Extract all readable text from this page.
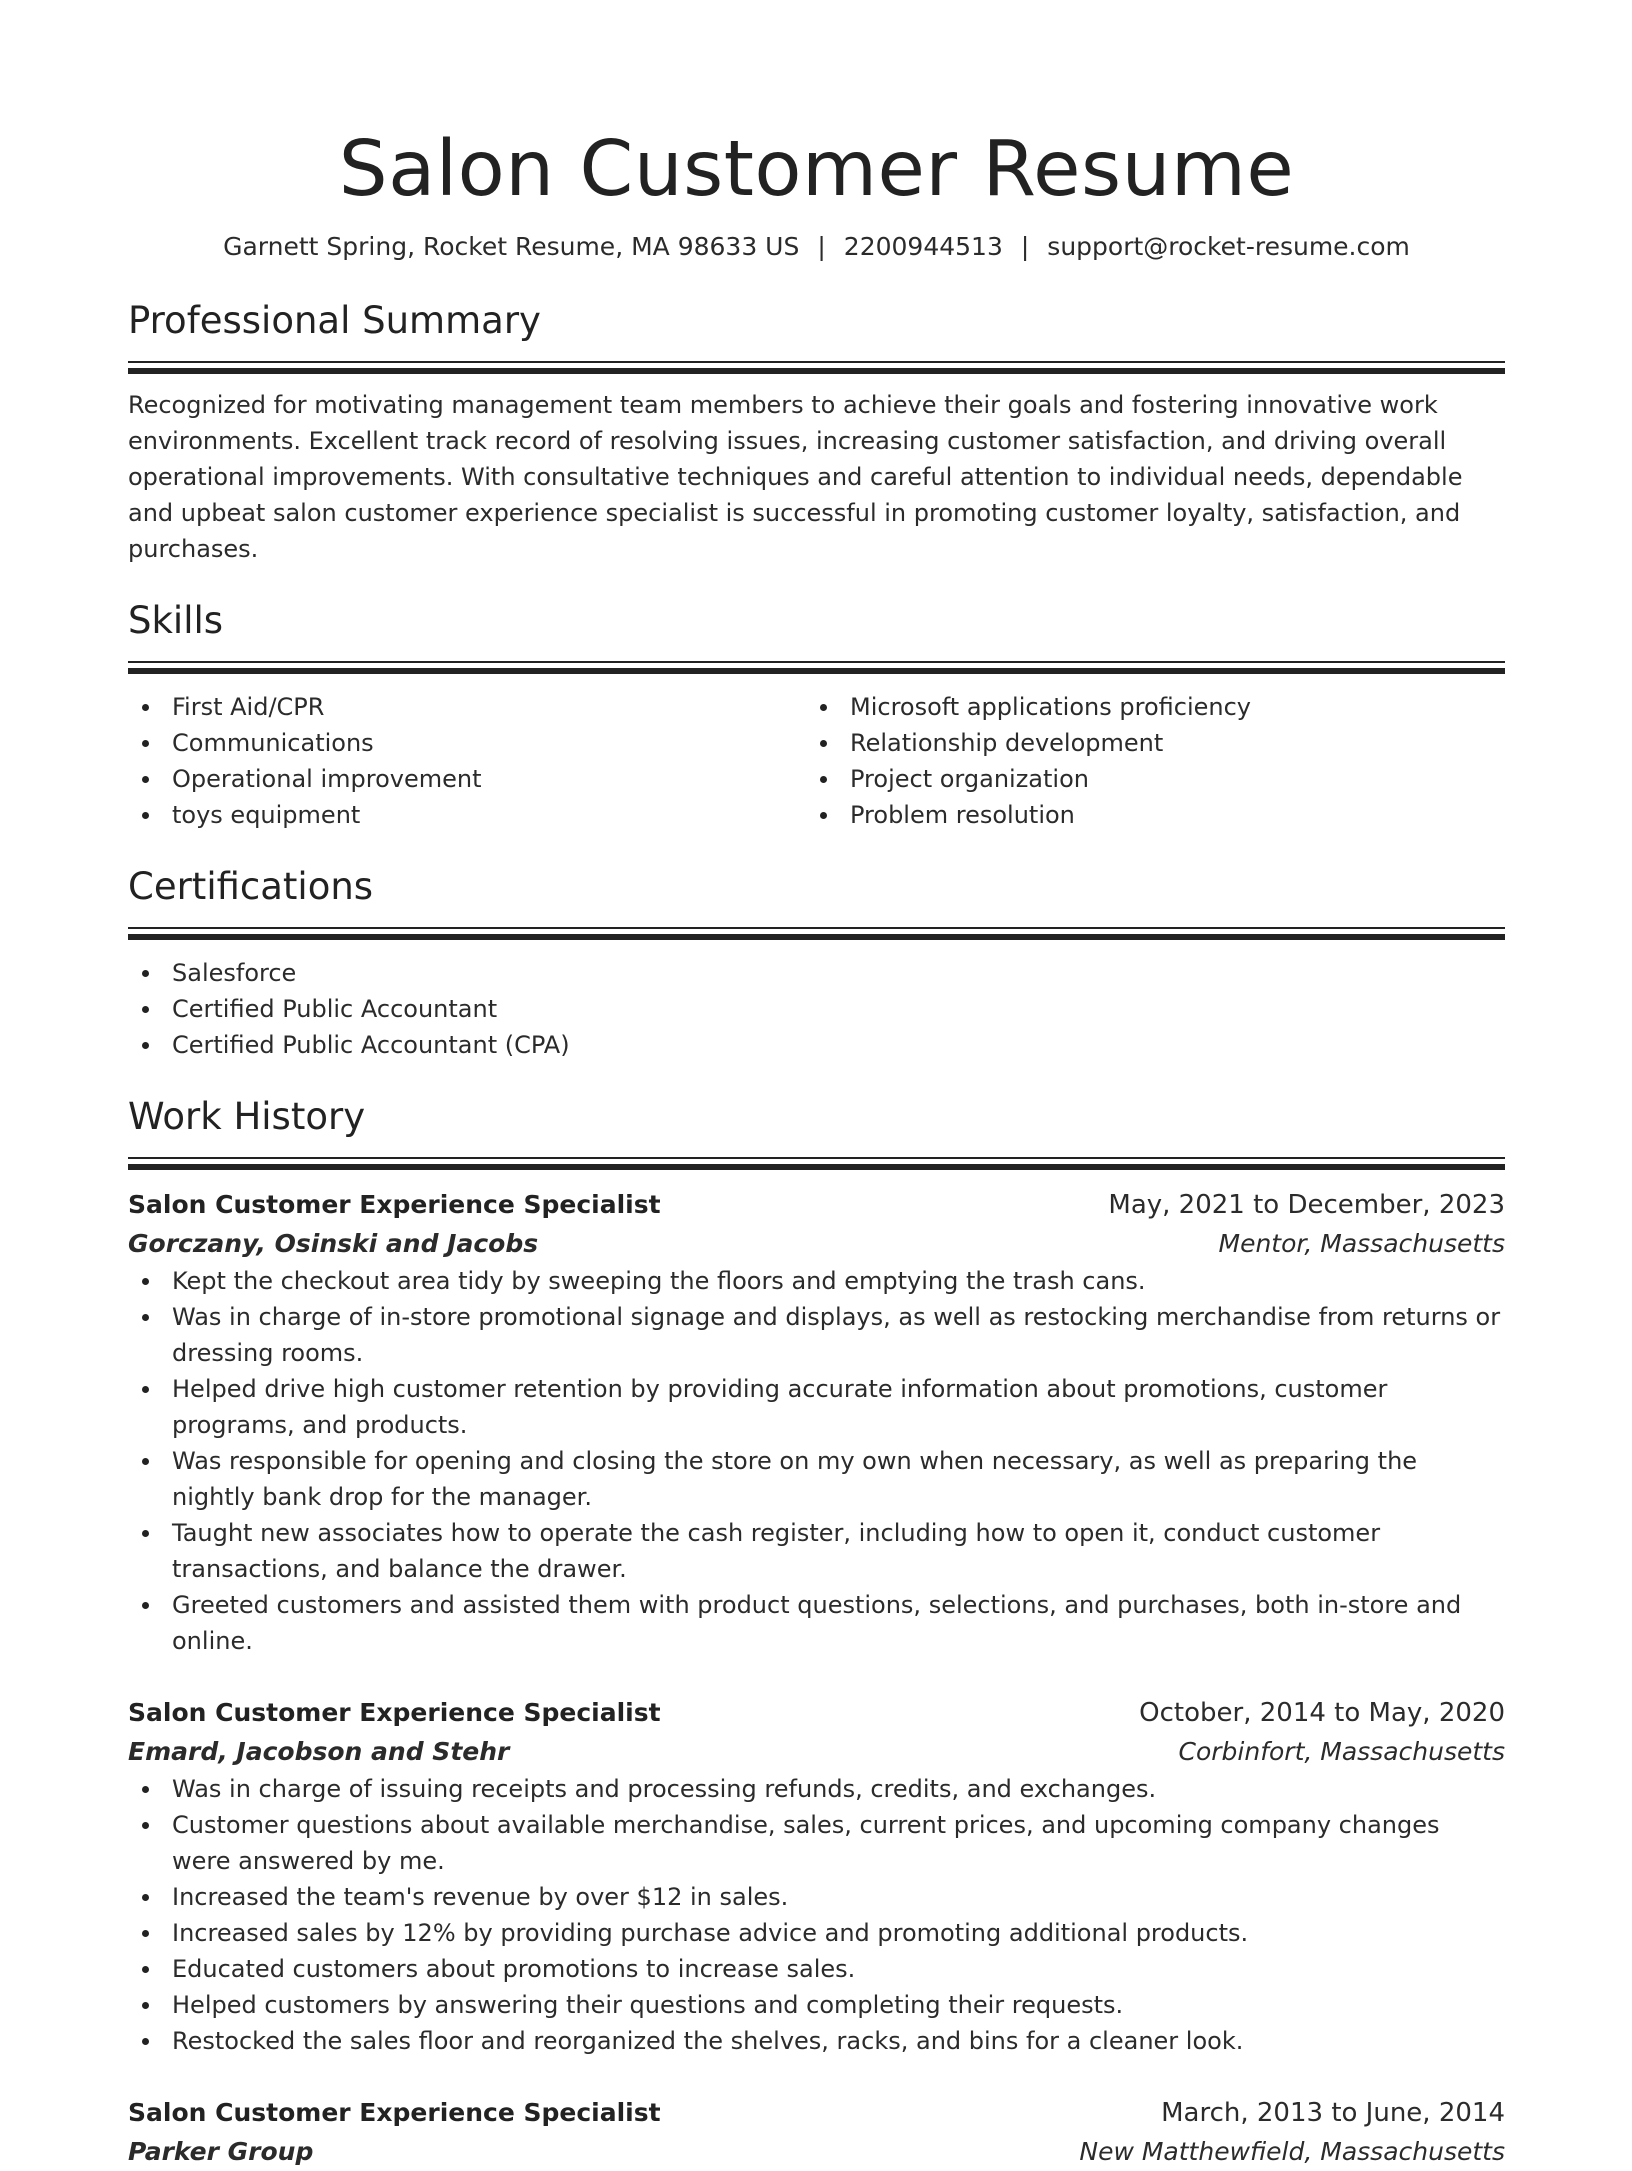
Salon Customer Resume
Garnett Spring, Rocket Resume, MA 98633 US | 2200944513 | support@rocket-resume.com
Professional Summary

Recognized for motivating management team members to achieve their goals and fostering innovative work environments. Excellent track record of resolving issues, increasing customer satisfaction, and driving overall operational improvements. With consultative techniques and careful attention to individual needs, dependable and upbeat salon customer experience specialist is successful in promoting customer loyalty, satisfaction, and purchases.

Skills
First Aid/CPR
Communications
Operational improvement
toys equipment
Microsoft applications proficiency
Relationship development
Project organization
Problem resolution
Certifications
Salesforce
Certified Public Accountant
Certified Public Accountant (CPA)
Work History
Salon Customer Experience Specialist	May, 2021 to December, 2023
Gorczany, Osinski and Jacobs	Mentor, Massachusetts
Kept the checkout area tidy by sweeping the floors and emptying the trash cans.
Was in charge of in-store promotional signage and displays, as well as restocking merchandise from returns or dressing rooms.
Helped drive high customer retention by providing accurate information about promotions, customer programs, and products.
Was responsible for opening and closing the store on my own when necessary, as well as preparing the nightly bank drop for the manager.
Taught new associates how to operate the cash register, including how to open it, conduct customer transactions, and balance the drawer.
Greeted customers and assisted them with product questions, selections, and purchases, both in-store and online.
Salon Customer Experience Specialist	October, 2014 to May, 2020
Emard, Jacobson and Stehr	Corbinfort, Massachusetts
Was in charge of issuing receipts and processing refunds, credits, and exchanges.
Customer questions about available merchandise, sales, current prices, and upcoming company changes were answered by me.
Increased the team's revenue by over $12 in sales.
Increased sales by 12% by providing purchase advice and promoting additional products.
Educated customers about promotions to increase sales.
Helped customers by answering their questions and completing their requests.
Restocked the sales floor and reorganized the shelves, racks, and bins for a cleaner look.
Salon Customer Experience Specialist	March, 2013 to June, 2014
Parker Group	New Matthewfield, Massachusetts
